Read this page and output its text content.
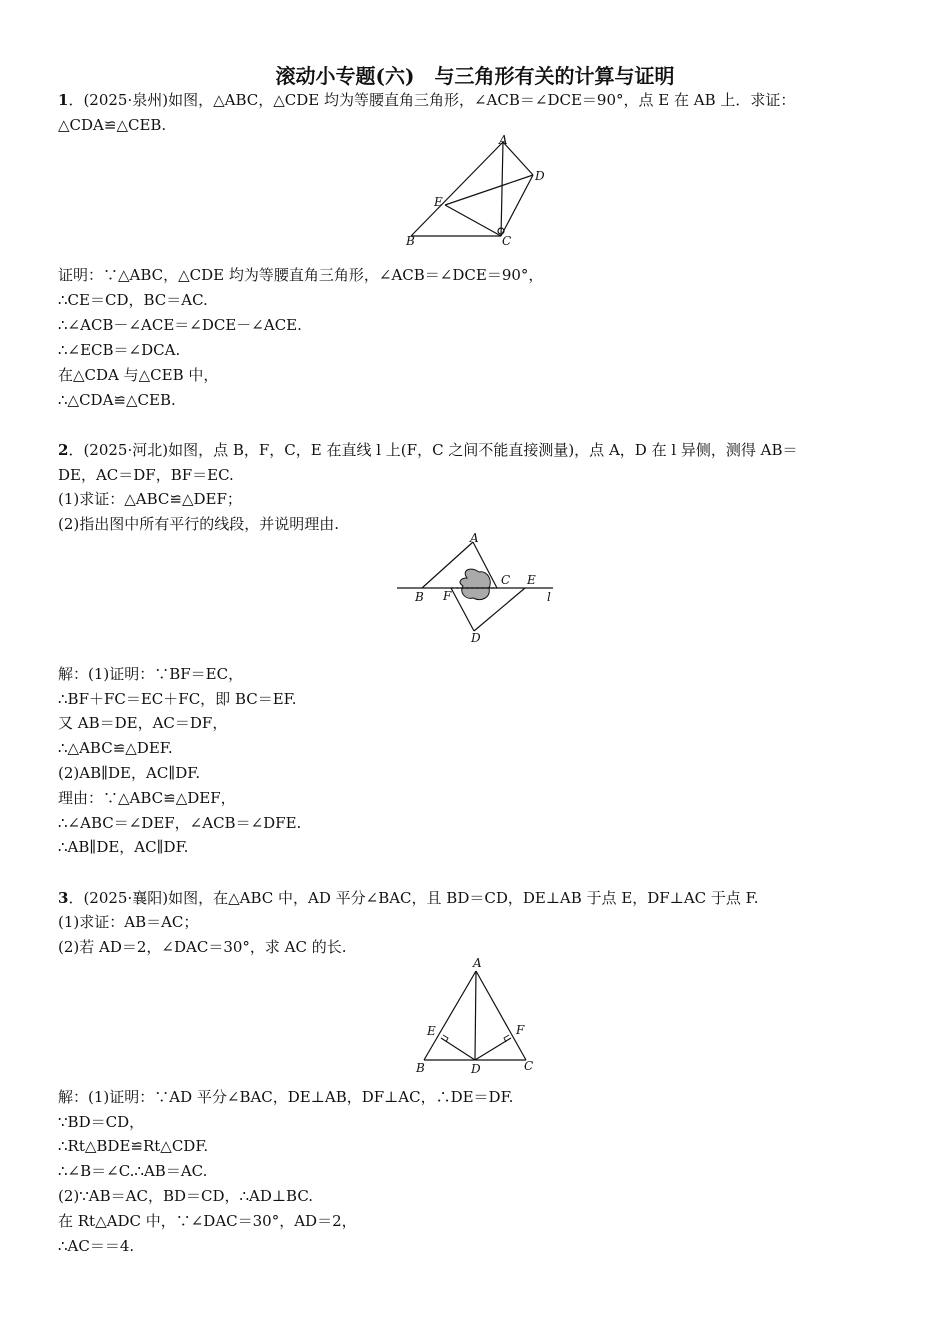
滚动小专题(六)　与三角形有关的计算与证明
1．(2025·泉州)如图，△ABC，△CDE 均为等腰直角三角形，∠ACB＝∠DCE＝90°，点 E 在 AB 上．求证：
△CDA≌△CEB.
A
D
E
B	C
证明：∵△ABC，△CDE 均为等腰直角三角形，∠ACB＝∠DCE＝90°，
∴CE＝CD，BC＝AC.
∴∠ACB－∠ACE＝∠DCE－∠ACE.
∴∠ECB＝∠DCA.
在△CDA 与△CEB 中，
∴△CDA≌△CEB.
2．(2025·河北)如图，点 B，F，C，E 在直线 l 上(F，C 之间不能直接测量)，点 A，D 在 l 异侧，测得 AB＝
DE，AC＝DF，BF＝EC.
(1)求证：△ABC≌△DEF；
(2)指出图中所有平行的线段，并说明理由.
A
B F
C E
l
D
解：(1)证明：∵BF＝EC，
∴BF＋FC＝EC＋FC，即 BC＝EF.
又 AB＝DE，AC＝DF，
∴△ABC≌△DEF.
(2)AB∥DE，AC∥DF.
理由：∵△ABC≌△DEF，
∴∠ABC＝∠DEF，∠ACB＝∠DFE.
∴AB∥DE，AC∥DF.
3．(2025·襄阳)如图，在△ABC 中，AD 平分∠BAC，且 BD＝CD，DE⊥AB 于点 E，DF⊥AC 于点 F.
(1)求证：AB＝AC；
(2)若 AD＝2，∠DAC＝30°，求 AC 的长.
A
E	F
B	D	C
解：(1)证明：∵AD 平分∠BAC，DE⊥AB，DF⊥AC，∴DE＝DF.
∵BD＝CD，
∴Rt△BDE≌Rt△CDF.
∴∠B＝∠C.∴AB＝AC.
(2)∵AB＝AC，BD＝CD，∴AD⊥BC.
在 Rt△ADC 中，∵∠DAC＝30°，AD＝2，
∴AC＝＝4.
